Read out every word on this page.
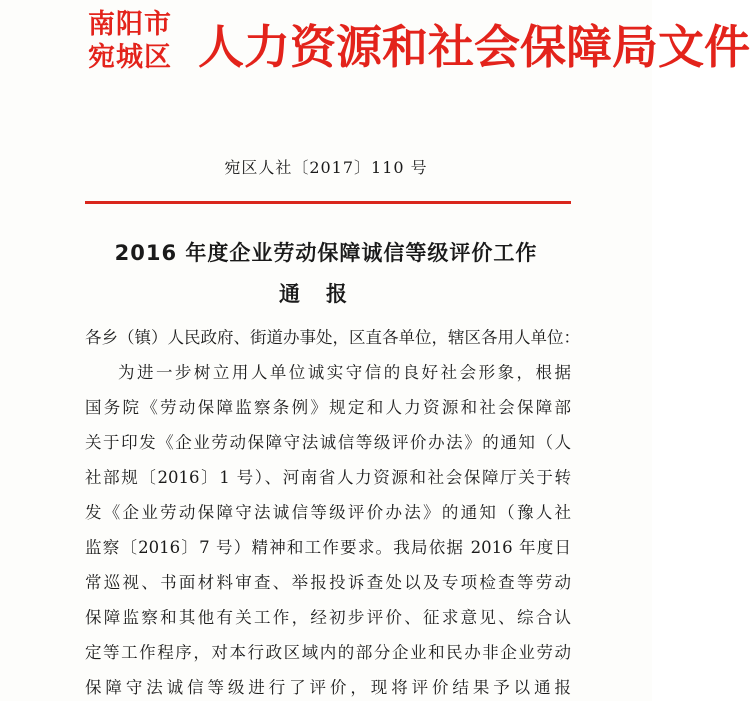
南阳市
宛城区 人力资源和社会保障局文件
宛区人社〔2017〕110 号
2016 年度企业劳动保障诚信等级评价工作
通报
各乡（镇）人民政府、街道办事处，区直各单位，辖区各用人单位：
为进一步树立用人单位诚实守信的良好社会形象，根据
国务院《劳动保障监察条例》规定和人力资源和社会保障部
关于印发《企业劳动保障守法诚信等级评价办法》的通知（人
社部规〔2016〕1 号）、河南省人力资源和社会保障厅关于转
发《企业劳动保障守法诚信等级评价办法》的通知（豫人社
监察〔2016〕7 号）精神和工作要求。我局依据 2016 年度日
常巡视、书面材料审查、举报投诉查处以及专项检查等劳动
保障监察和其他有关工作，经初步评价、征求意见、综合认
定等工作程序，对本行政区域内的部分企业和民办非企业劳动
保障守法诚信等级进行了评价，现将评价结果予以通报
